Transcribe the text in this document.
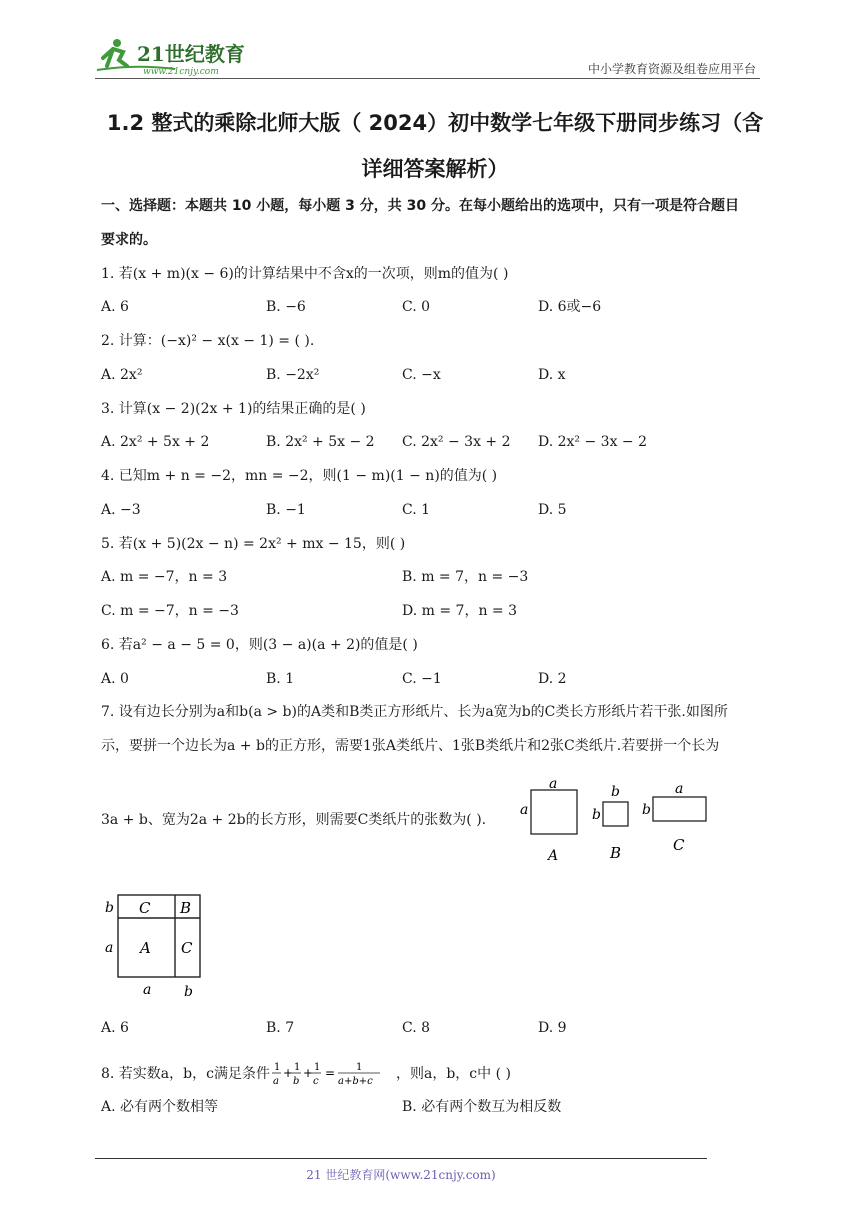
21世纪教育
www.21cnjy.com	中小学教育资源及组卷应用平台
1.2 整式的乘除北师大版（ 2024）初中数学七年级下册同步练习（含
详细答案解析）
一、选择题：本题共 10 小题，每小题 3 分，共 30 分。在每小题给出的选项中，只有一项是符合题目
要求的。
1. 若(x + m)(x − 6)的计算结果中不含x的一次项，则m的值为( )
A. 6	B. −6	C. 0	D. 6或−6
2. 计算：(−x)² − x(x − 1) = ( ).
A. 2x²	B. −2x²	C. −x	D. x
3. 计算(x − 2)(2x + 1)的结果正确的是( )
A. 2x² + 5x + 2	B. 2x² + 5x − 2 C. 2x² − 3x + 2 D. 2x² − 3x − 2
4. 已知m + n = −2，mn = −2，则(1 − m)(1 − n)的值为( )
A. −3	B. −1	C. 1	D. 5
5. 若(x + 5)(2x − n) = 2x² + mx − 15，则( )
A. m = −7，n = 3	B. m = 7，n = −3
C. m = −7，n = −3	D. m = 7，n = 3
6. 若a² − a − 5 = 0，则(3 − a)(a + 2)的值是( )
A. 0	B. 1	C. −1	D. 2
7. 设有边长分别为a和b(a > b)的A类和B类正方形纸片、长为a宽为b的C类长方形纸片若干张.如图所
示，要拼一个边长为a + b的正方形，需要1张A类纸片、1张B类纸片和2张C类纸片.若要拼一个长为
3a + b、宽为2a + 2b的长方形，则需要C类纸片的张数为( ).
a
a
A
b
b
B
a
b
C
b
a
C B
A C
a b
A. 6	B. 7	C. 8	D. 9
8. 若实数a，b，c满足条件 1
a
+ 1
b
+ 1
c
= 1
a+b+c ，则a，b，c中 ( )
A. 必有两个数相等	B. 必有两个数互为相反数
21 世纪教育网(www.21cnjy.com)
